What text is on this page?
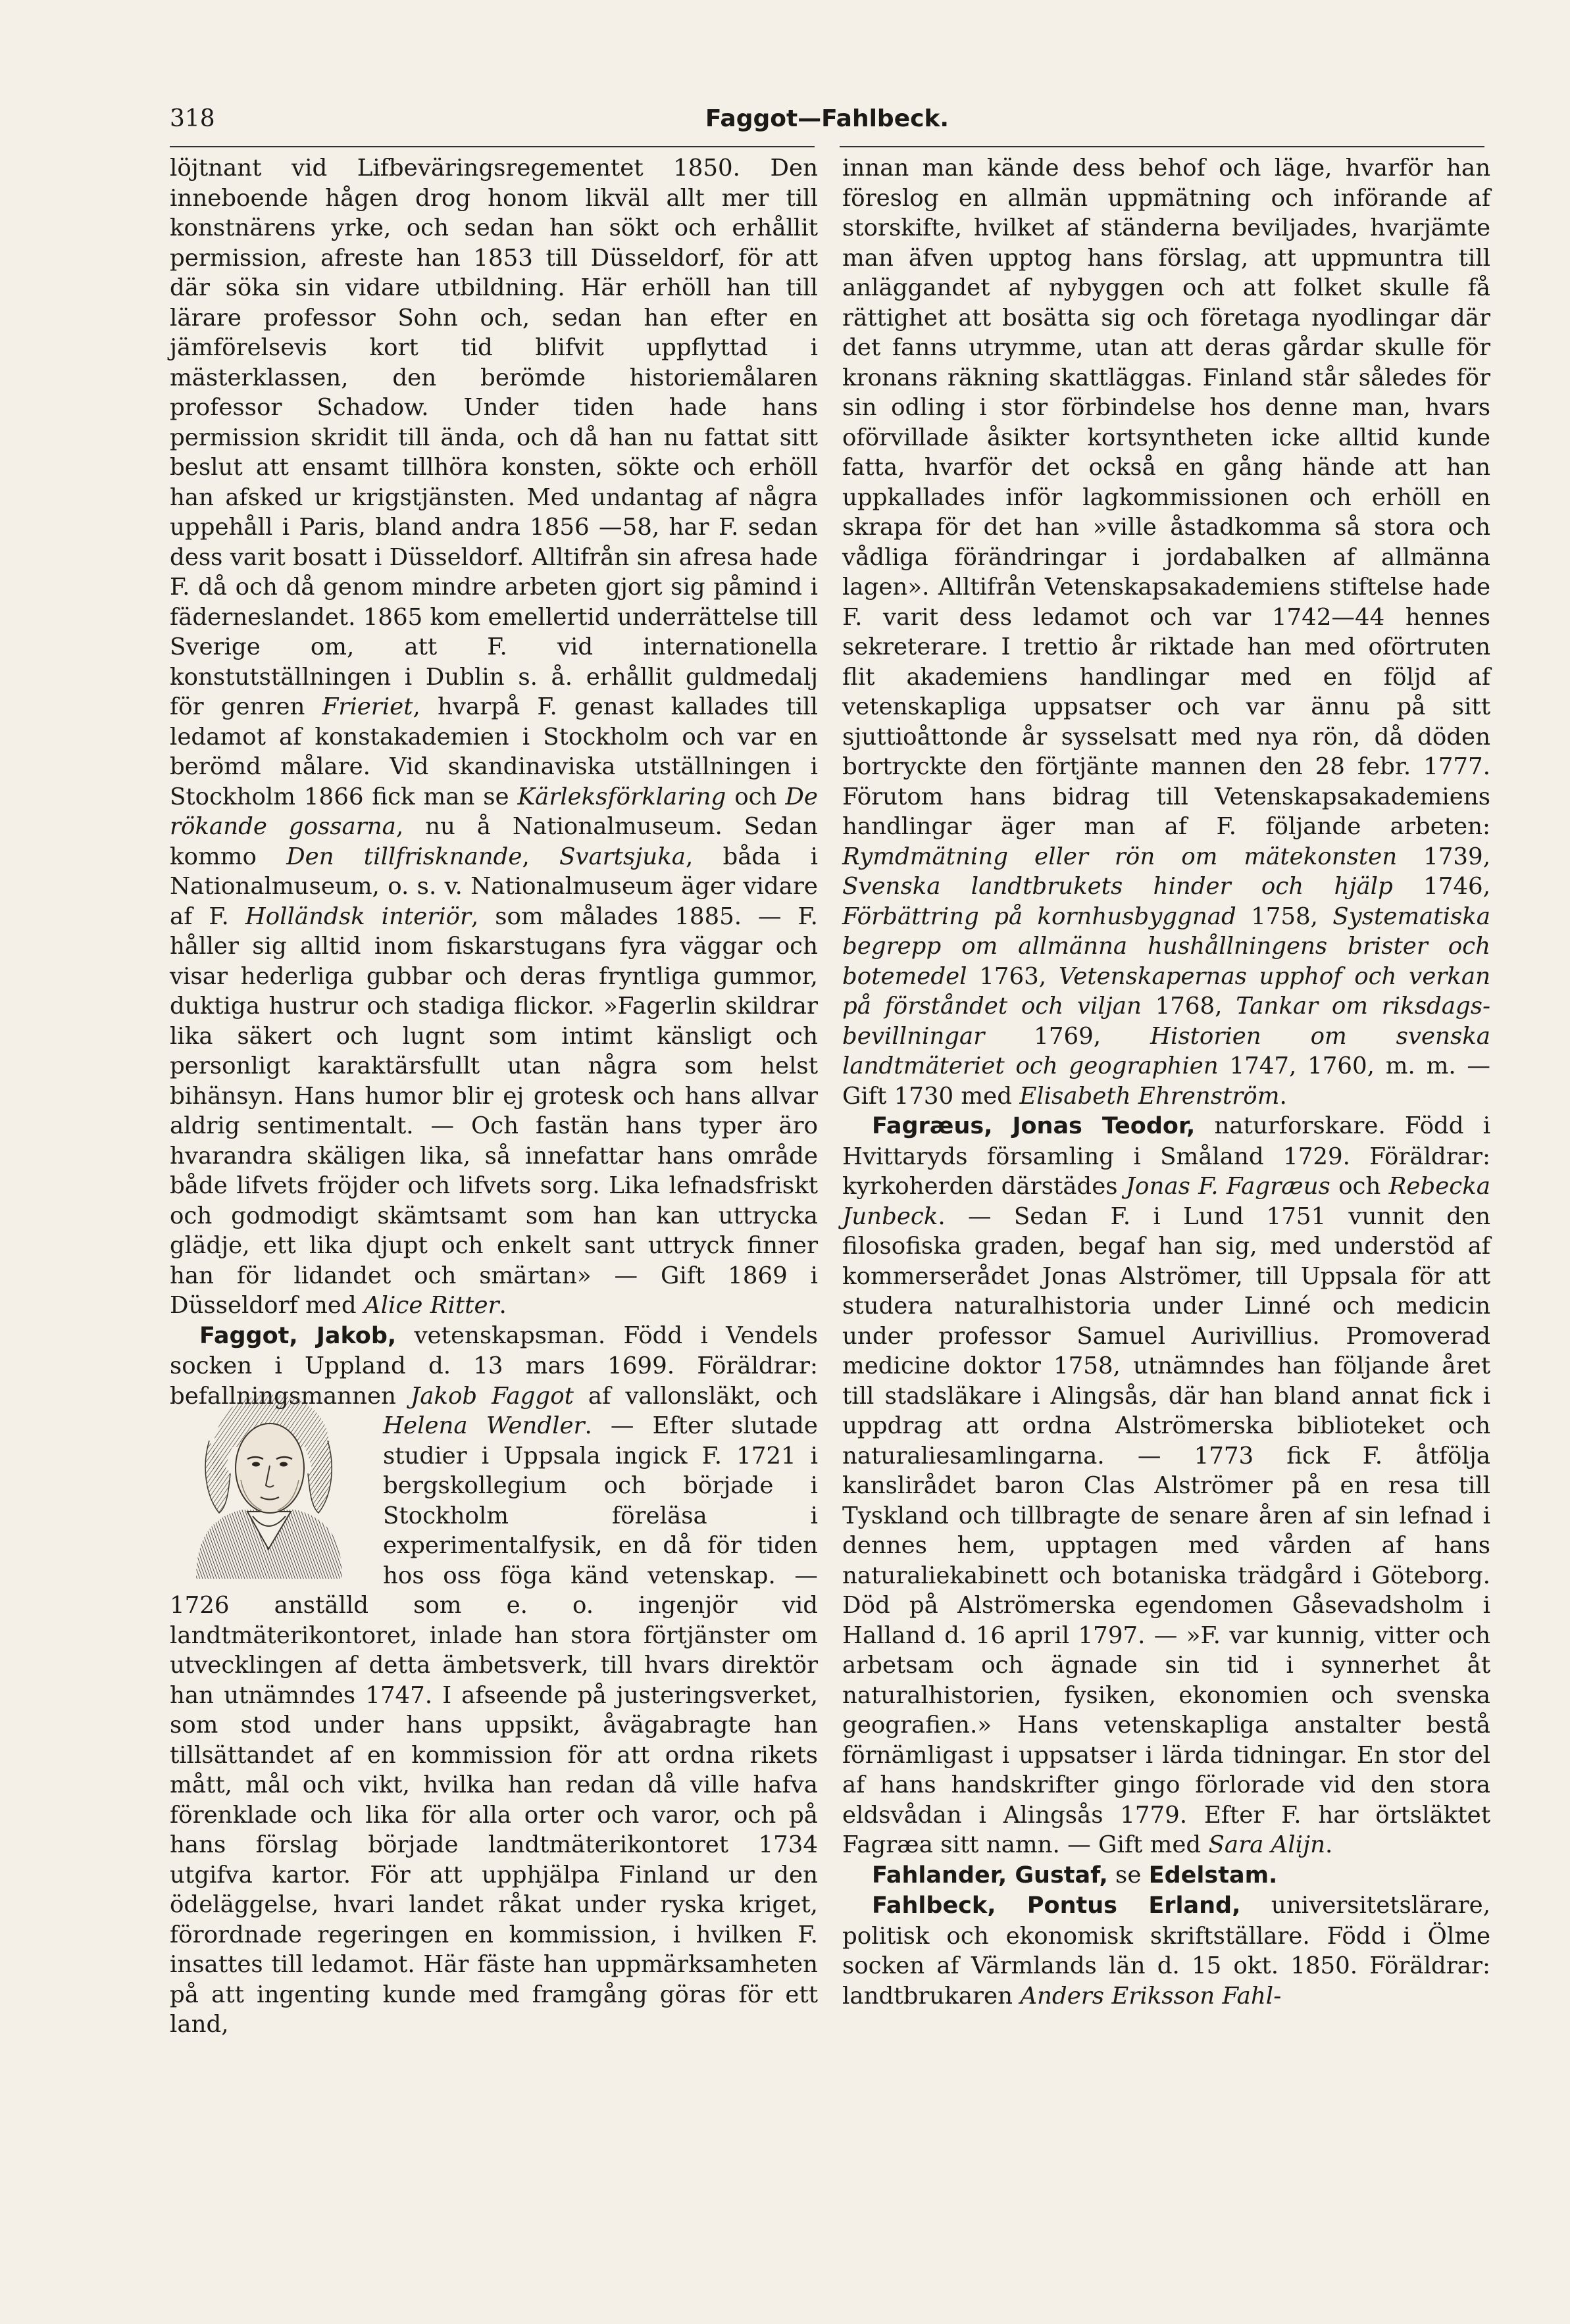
318	Faggot—Fahlbeck.

löjtnant vid Lifbeväringsregementet 1850. Den inneboende hågen drog honom likväl allt mer till konstnärens yrke, och sedan han sökt och erhållit permission, afreste han 1853 till Düsseldorf, för att där söka sin vidare utbildning. Här erhöll han till lärare professor Sohn och, sedan han efter en jämförelsevis kort tid blifvit uppflyttad i mästerklassen, den berömde historiemålaren professor Schadow. Under tiden hade hans permission skridit till ända, och då han nu fattat sitt beslut att ensamt tillhöra konsten, sökte och erhöll han afsked ur krigstjänsten. Med undantag af några uppehåll i Paris, bland andra 1856 —58, har F. sedan dess varit bosatt i Düsseldorf. Alltifrån sin afresa hade F. då och då genom mindre arbeten gjort sig påmind i fäderneslandet. 1865 kom emellertid underrättelse till Sverige om, att F. vid internationella konstutställningen i Dublin s. å. erhållit guldmedalj för genren Frieriet, hvarpå F. genast kallades till ledamot af konstakademien i Stockholm och var en berömd målare. Vid skandinaviska utställningen i Stockholm 1866 fick man se Kärleksförklaring och De rökande gossarna, nu å Nationalmuseum. Sedan kommo Den tillfrisknande, Svartsjuka, båda i Nationalmuseum, o. s. v. Nationalmuseum äger vidare af F. Holländsk interiör, som målades 1885. — F. håller sig alltid inom fiskarstugans fyra väggar och visar hederliga gubbar och deras fryntliga gummor, duktiga hustrur och stadiga flickor. »Fagerlin skildrar lika säkert och lugnt som intimt känsligt och personligt karaktärsfullt utan några som helst bihänsyn. Hans humor blir ej grotesk och hans allvar aldrig sentimentalt. — Och fastän hans typer äro hvarandra skäligen lika, så innefattar hans område både lifvets fröjder och lifvets sorg. Lika lefnadsfriskt och godmodigt skämtsamt som han kan uttrycka glädje, ett lika djupt och enkelt sant uttryck finner han för lidandet och smärtan» — Gift 1869 i Düsseldorf med Alice Ritter.

Faggot, Jakob, vetenskapsman. Född i Vendels socken i Uppland d. 13 mars 1699. Föräldrar: befallningsmannen
Jakob Faggot af vallonsläkt, och Helena Wendler. — Efter slutade studier i Uppsala ingick F. 1721 i bergskollegium och började i Stockholm föreläsa i experimentalfysik, en då för tiden hos oss föga känd vetenskap. — 1726 anställd som e. o. ingenjör vid landtmäterikontoret, inlade han stora förtjänster om utvecklingen af detta ämbetsverk, till hvars direktör han utnämndes 1747. I afseende på justeringsverket, som stod under hans uppsikt, åvägabragte han tillsättandet af en kommission för att ordna rikets mått, mål och vikt, hvilka han redan då ville hafva förenklade och lika för alla orter och varor, och på hans förslag började landtmäterikontoret 1734 utgifva kartor. För att upphjälpa Finland ur den ödeläggelse, hvari landet råkat under ryska kriget, förordnade regeringen en kommission, i hvilken F. insattes till ledamot. Här fäste han uppmärksamheten på att ingenting kunde med framgång göras för ett land,

innan man kände dess behof och läge, hvarför han föreslog en allmän uppmätning och införande af storskifte, hvilket af ständerna beviljades, hvarjämte man äfven upptog hans förslag, att uppmuntra till anläggandet af nybyggen och att folket skulle få rättighet att bosätta sig och företaga nyodlingar där det fanns utrymme, utan att deras gårdar skulle för kronans räkning skattläggas. Finland står således för sin odling i stor förbindelse hos denne man, hvars oförvillade åsikter kortsyntheten icke alltid kunde fatta, hvarför det också en gång hände att han uppkallades inför lagkommissionen och erhöll en skrapa för det han »ville åstadkomma så stora och vådliga förändringar i jordabalken af allmänna lagen». Alltifrån Vetenskapsakademiens stiftelse hade F. varit dess ledamot och var 1742—44 hennes sekreterare. I trettio år riktade han med oförtruten flit akademiens handlingar med en följd af vetenskapliga uppsatser och var ännu på sitt sjuttioåttonde år sysselsatt med nya rön, då döden bortryckte den förtjänte mannen den 28 febr. 1777. Förutom hans bidrag till Vetenskapsakademiens handlingar äger man af F. följande arbeten: Rymdmätning eller rön om mätekonsten 1739, Svenska landtbrukets hinder och hjälp 1746, Förbättring på kornhusbyggnad 1758, Systematiska begrepp om allmänna hushållningens brister och botemedel 1763, Vetenskapernas upphof och verkan på förståndet och viljan 1768, Tankar om riksdags-bevillningar 1769, Historien om svenska landtmäteriet och geographien 1747, 1760, m. m. — Gift 1730 med Elisabeth Ehrenström.

Fagræus, Jonas Teodor, naturforskare. Född i Hvittaryds församling i Småland 1729. Föräldrar: kyrkoherden därstädes Jonas F. Fagræus och Rebecka Junbeck. — Sedan F. i Lund 1751 vunnit den filosofiska graden, begaf han sig, med understöd af kommerserådet Jonas Alströmer, till Uppsala för att studera naturalhistoria under Linné och medicin under professor Samuel Aurivillius. Promoverad medicine doktor 1758, utnämndes han följande året till stadsläkare i Alingsås, där han bland annat fick i uppdrag att ordna Alströmerska biblioteket och naturaliesamlingarna. — 1773 fick F. åtfölja kanslirådet baron Clas Alströmer på en resa till Tyskland och tillbragte de senare åren af sin lefnad i dennes hem, upptagen med vården af hans naturaliekabinett och botaniska trädgård i Göteborg. Död på Alströmerska egendomen Gåsevadsholm i Halland d. 16 april 1797. — »F. var kunnig, vitter och arbetsam och ägnade sin tid i synnerhet åt naturalhistorien, fysiken, ekonomien och svenska geografien.» Hans vetenskapliga anstalter bestå förnämligast i uppsatser i lärda tidningar. En stor del af hans handskrifter gingo förlorade vid den stora eldsvådan i Alingsås 1779. Efter F. har örtsläktet Fagræa sitt namn. — Gift med Sara Alijn.

Fahlander, Gustaf, se Edelstam.

Fahlbeck, Pontus Erland, universitetslärare, politisk och ekonomisk skriftställare. Född i Ölme socken af Värmlands län d. 15 okt. 1850. Föräldrar: landtbrukaren Anders Eriksson Fahl-
